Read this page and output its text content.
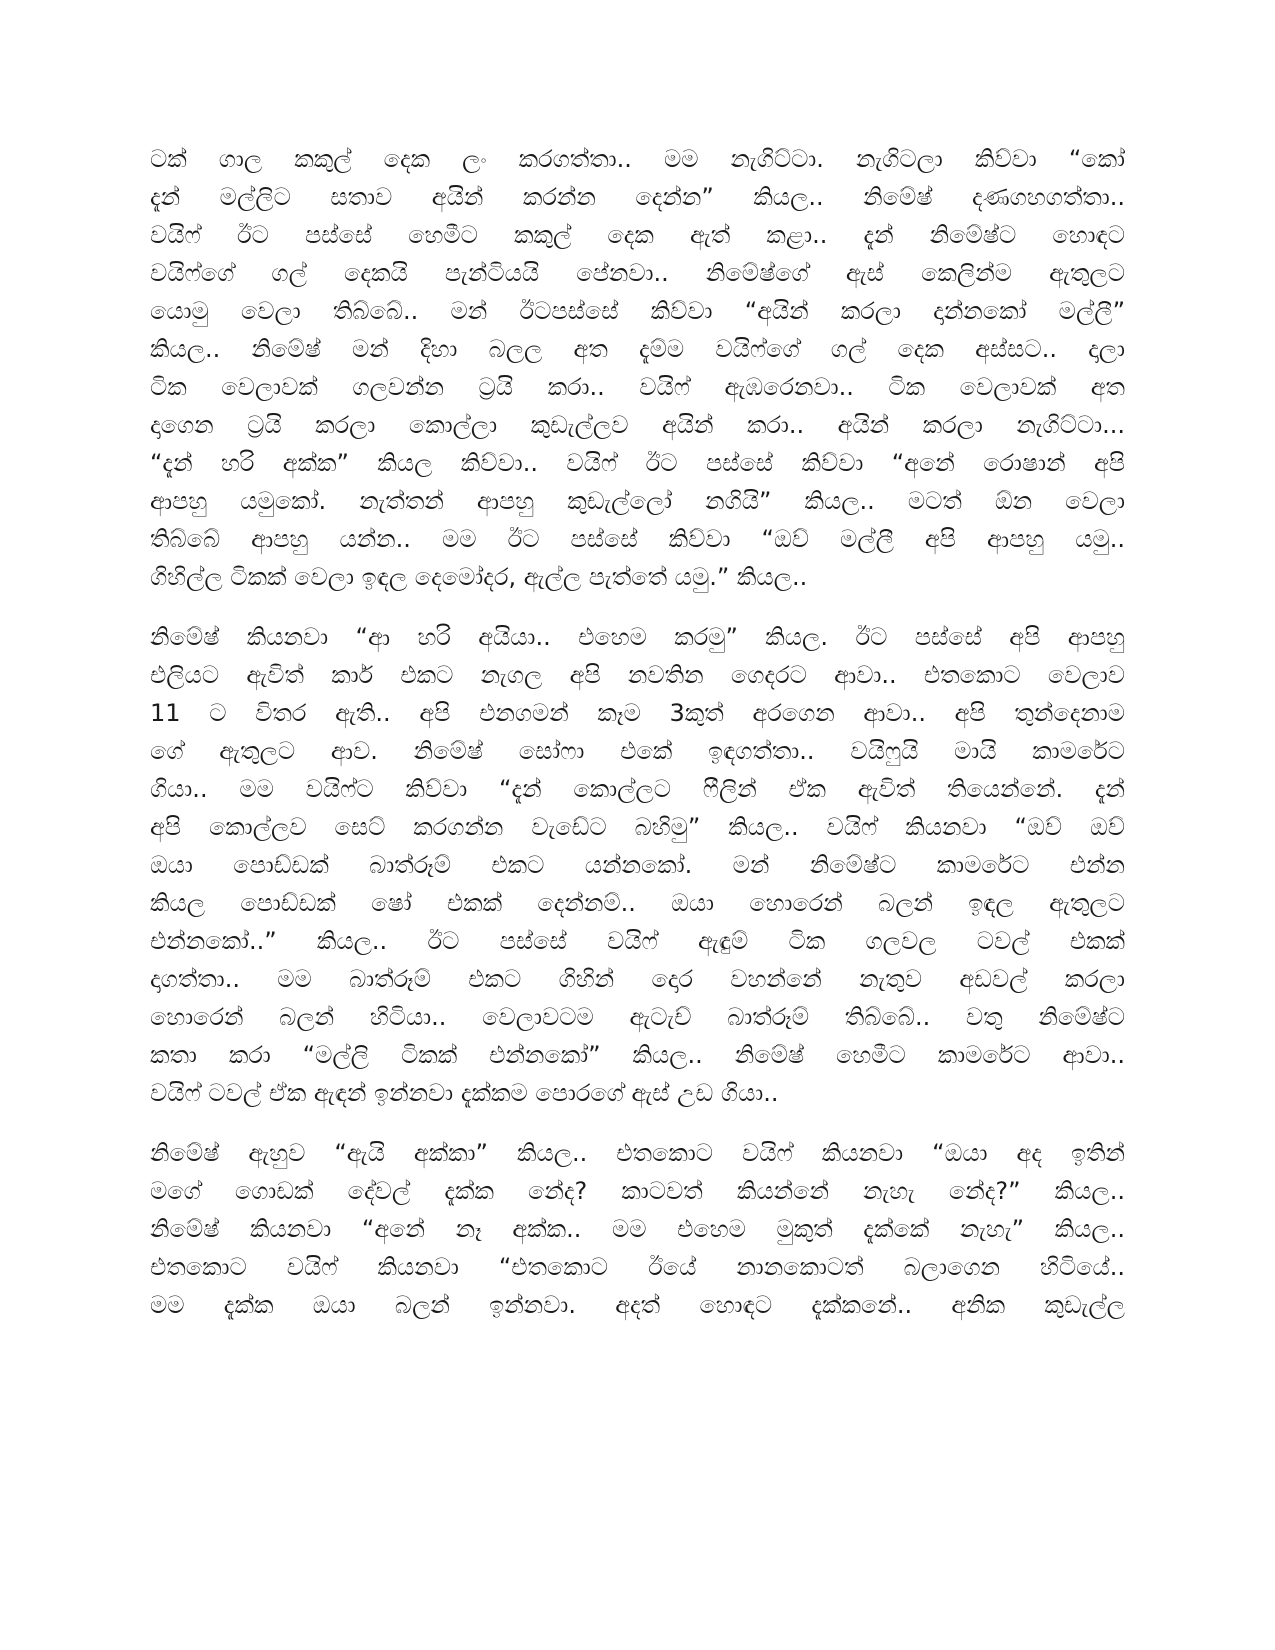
ටක් ගාල කකුල් දෙක ලං කරගත්තා.. මම නැගිට්ටා. නැගිටලා කිව්වා “කෝ
දැන් මල්ලිට සතාව අයින් කරන්න දෙන්න” කියල.. නිමේෂ් දණගහගත්තා..
වයිෆ් ඊට පස්සේ හෙමීට කකුල් දෙක ඇත් කළා.. දැන් නිමේෂ්ට හොඳට
වයිෆ්ගේ ගල් දෙකයි පැන්ටියයි පේනවා.. නිමේෂ්ගේ ඇස් කෙලින්ම ඇතුලට
යොමු වෙලා තිබ්බේ.. මන් ඊටපස්සේ කිව්වා “අයින් කරලා දාන්නකෝ මල්ලී”
කියල.. නිමේෂ් මන් දිහා බලල අත දැම්ම වයිෆ්ගේ ගල් දෙක අස්සට.. දාලා
ටික වෙලාවක් ගලවන්න ට්‍රයි කරා.. වයිෆ් ඇඹරෙනවා.. ටික වෙලාවක් අත
දාගෙන ට්‍රයි කරලා කොල්ලා කුඩැල්ලව අයින් කරා.. අයින් කරලා නැගිට්ටා...
“දැන් හරි අක්ක” කියල කිව්වා.. වයිෆ් ඊට පස්සේ කිව්වා “අනේ රොෂාන් අපි
ආපහු යමුකෝ. නැත්තන් ආපහු කුඩැල්ලෝ නගියි” කියල.. මටත් ඕන වෙලා
තිබ්බේ ආපහු යන්න.. මම ඊට පස්සේ කිව්වා “ඔව් මල්ලී අපි ආපහු යමු..
ගිහිල්ල ටිකක් වෙලා ඉඳල දෙමෝදර, ඇල්ල පැත්තේ යමු.” කියල..
නිමේෂ් කියනවා “ආ හරි අයියා.. එහෙම කරමු” කියල. ඊට පස්සේ අපි ආපහු
එලියට ඇවිත් කාර් එකට නැගල අපි නවතින ගෙදරට ආවා.. එතකොට වෙලාව
11 ට විතර ඇති.. අපි එනගමන් කෑම 3කුත් අරගෙන ආවා.. අපි තුන්දෙනාම
ගේ ඇතුලට ආව. නිමේෂ් සෝෆා එකේ ඉඳගත්තා.. වයිෆුයි මායි කාමරේට
ගියා.. මම වයිෆ්ට කිව්වා “දැන් කොල්ලට ෆීලින් ඒක ඇවිත් තියෙන්නේ. දැන්
අපි කොල්ලව සෙට් කරගන්න වැඩේට බහිමු” කියල.. වයිෆ් කියනවා “ඔව් ඔව්
ඔයා පොඩ්ඩක් බාත්රූම් එකට යන්නකෝ. මන් නිමේෂ්ට කාමරේට එන්න
කියල පොඩ්ඩක් ෂෝ එකක් දෙන්නම්.. ඔයා හොරෙන් බලන් ඉඳල ඇතුලට
එන්නකෝ..” කියල.. ඊට පස්සේ වයිෆ් ඇඳුම් ටික ගලවල ටවල් එකක්
දාගත්තා.. මම බාත්රූම් එකට ගිහින් දොර වහන්නේ නැතුව අඩවල් කරලා
හොරෙන් බලන් හිටියා.. වෙලාවටම ඇටැච් බාත්රූම් තිබ්බේ.. වතු නිමේෂ්ට
කතා කරා “මල්ලි ටිකක් එන්නකෝ” කියල.. නිමේෂ් හෙමීට කාමරේට ආවා..
වයිෆ් ටවල් ඒක ඇඳන් ඉන්නවා දැක්කම පොරගේ ඇස් උඩ ගියා..
නිමේෂ් ඇහුව “ඇයි අක්කා” කියල.. එතකොට වයිෆ් කියනවා “ඔයා අද ඉතින්
මගේ ගොඩක් දේවල් දැක්ක නේද? කාටවත් කියන්නේ නැහැ නේද?” කියල..
නිමේෂ් කියනවා “අනේ නෑ අක්ක.. මම එහෙම මුකුත් දැක්කේ නැහැ” කියල..
එතකොට වයිෆ් කියනවා “එතකොට ඊයේ නානකොටත් බලාගෙන හිටියේ..
මම දැක්ක ඔයා බලන් ඉන්නවා. අදත් හොඳට දැක්කනේ.. අනික කුඩැල්ල
